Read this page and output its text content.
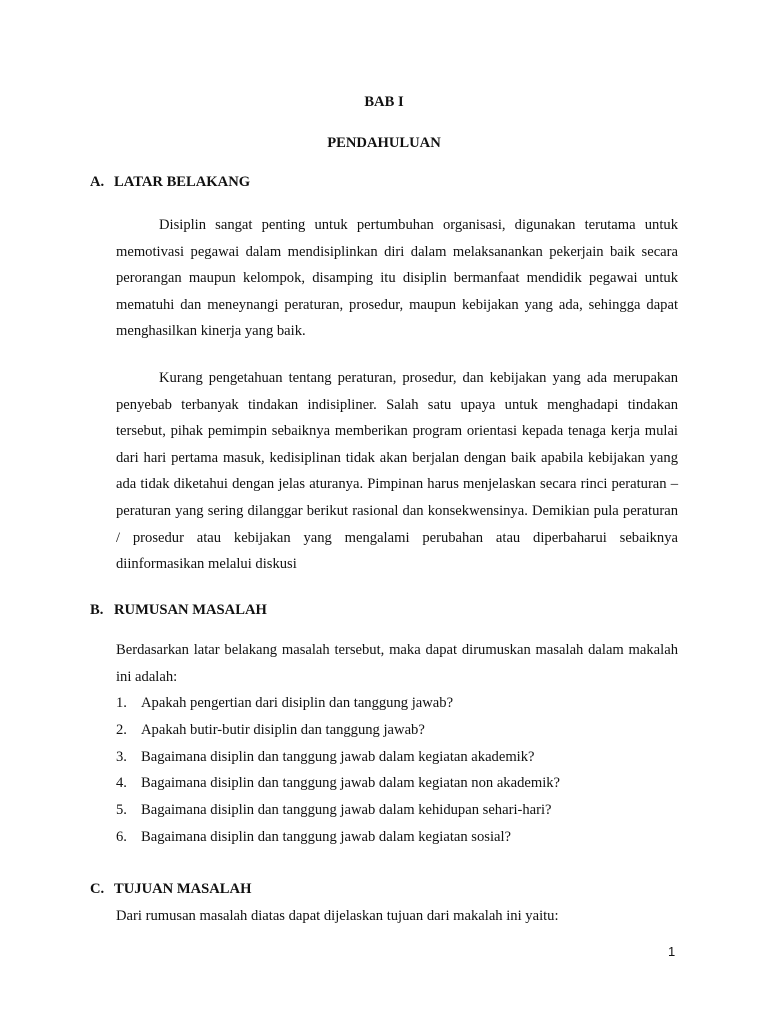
BAB I
PENDAHULUAN
A. LATAR BELAKANG

Disiplin sangat penting untuk pertumbuhan organisasi, digunakan terutama untuk memotivasi pegawai dalam mendisiplinkan diri dalam melaksanankan pekerjain baik secara perorangan maupun kelompok, disamping itu disiplin bermanfaat mendidik pegawai untuk mematuhi dan meneynangi peraturan, prosedur, maupun kebijakan yang ada, sehingga dapat menghasilkan kinerja yang baik.

Kurang pengetahuan tentang peraturan, prosedur, dan kebijakan yang ada merupakan penyebab terbanyak tindakan indisipliner. Salah satu upaya untuk menghadapi tindakan tersebut, pihak pemimpin sebaiknya memberikan program orientasi kepada tenaga kerja mulai dari hari pertama masuk, kedisiplinan tidak akan berjalan dengan baik apabila kebijakan yang ada tidak diketahui dengan jelas aturanya. Pimpinan harus menjelaskan secara rinci peraturan – peraturan yang sering dilanggar berikut rasional dan konsekwensinya. Demikian pula peraturan / prosedur atau kebijakan yang mengalami perubahan atau diperbaharui sebaiknya diinformasikan melalui diskusi

B. RUMUSAN MASALAH

Berdasarkan latar belakang masalah tersebut, maka dapat dirumuskan masalah dalam makalah ini adalah:

1. Apakah pengertian dari disiplin dan tanggung jawab?
2. Apakah butir-butir disiplin dan tanggung jawab?
3. Bagaimana disiplin dan tanggung jawab dalam kegiatan akademik?
4. Bagaimana disiplin dan tanggung jawab dalam kegiatan non akademik?
5. Bagaimana disiplin dan tanggung jawab dalam kehidupan sehari-hari?
6. Bagaimana disiplin dan tanggung jawab dalam kegiatan sosial?
C. TUJUAN MASALAH
Dari rumusan masalah diatas dapat dijelaskan tujuan dari makalah ini yaitu:
1
